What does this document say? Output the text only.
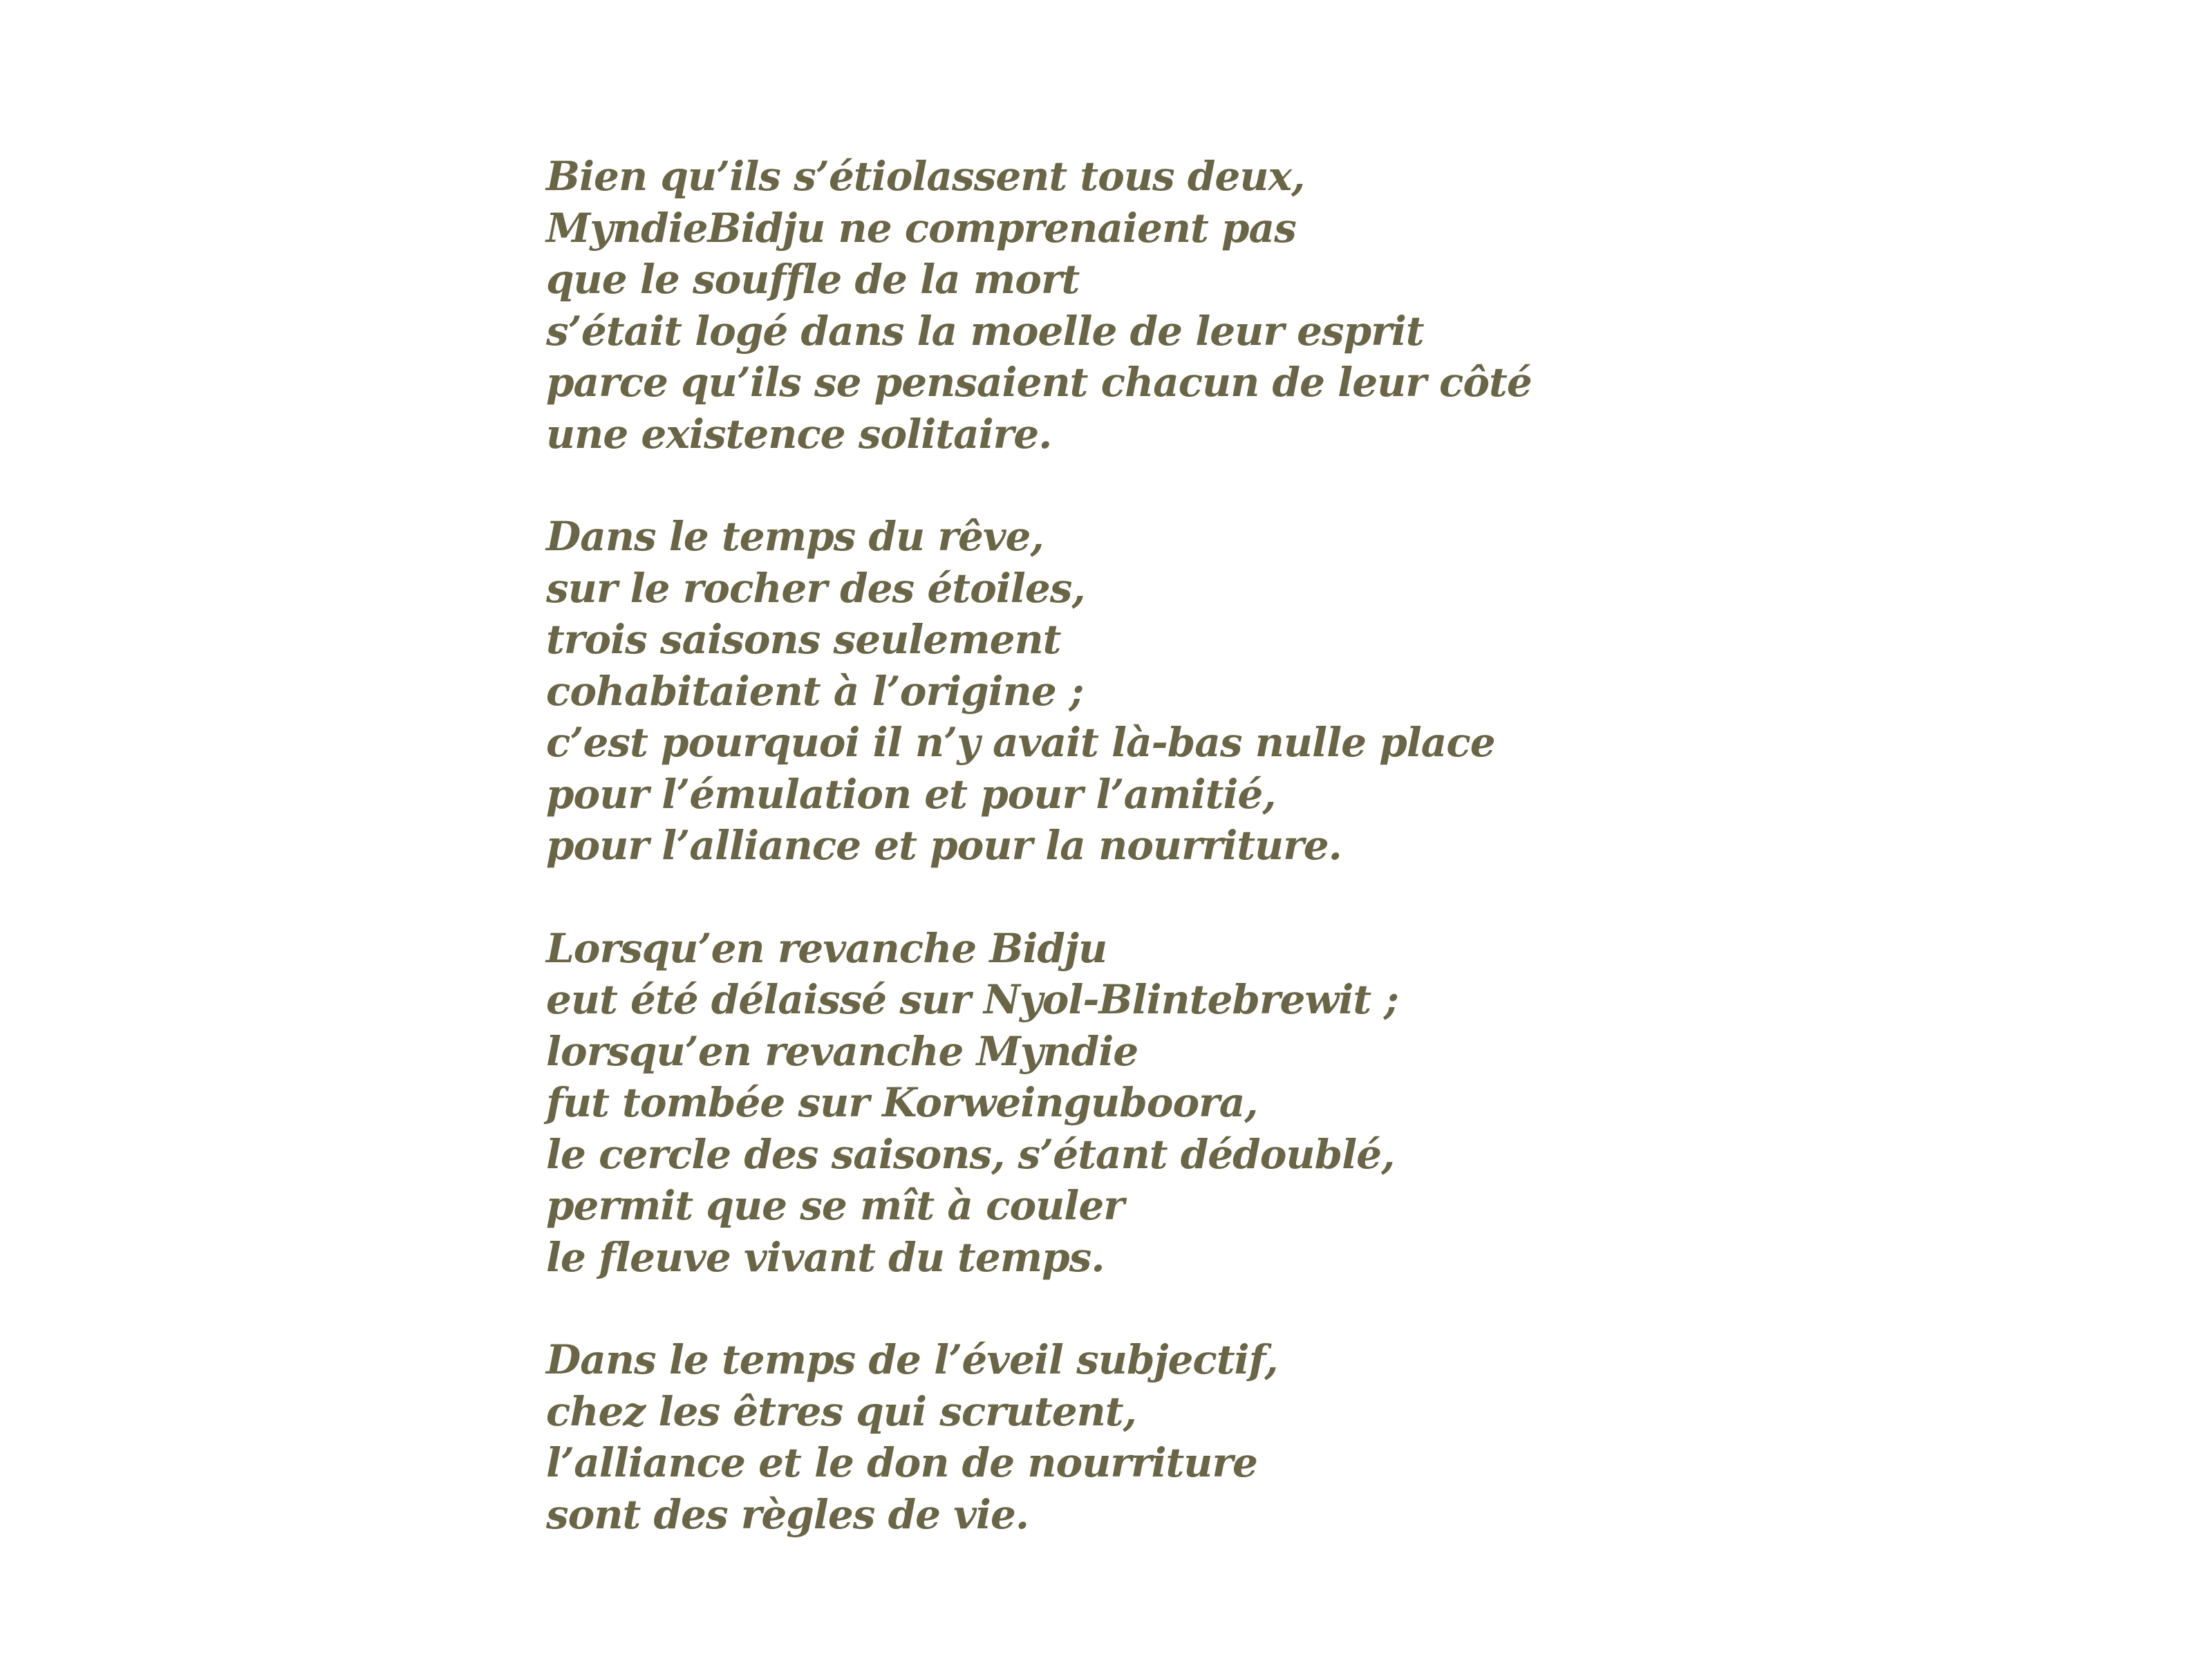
Bien qu’ils s’étiolassent tous deux,
MyndieBidju ne comprenaient pas
que le souffle de la mort
s’était logé dans la moelle de leur esprit
parce qu’ils se pensaient chacun de leur côté
une existence solitaire.
Dans le temps du rêve,
sur le rocher des étoiles,
trois saisons seulement
cohabitaient à l’origine ;
c’est pourquoi il n’y avait là-bas nulle place
pour l’émulation et pour l’amitié,
pour l’alliance et pour la nourriture.
Lorsqu’en revanche Bidju
eut été délaissé sur Nyol-Blintebrewit ;
lorsqu’en revanche Myndie
fut tombée sur Korweinguboora,
le cercle des saisons, s’étant dédoublé,
permit que se mît à couler
le fleuve vivant du temps.
Dans le temps de l’éveil subjectif,
chez les êtres qui scrutent,
l’alliance et le don de nourriture
sont des règles de vie.
